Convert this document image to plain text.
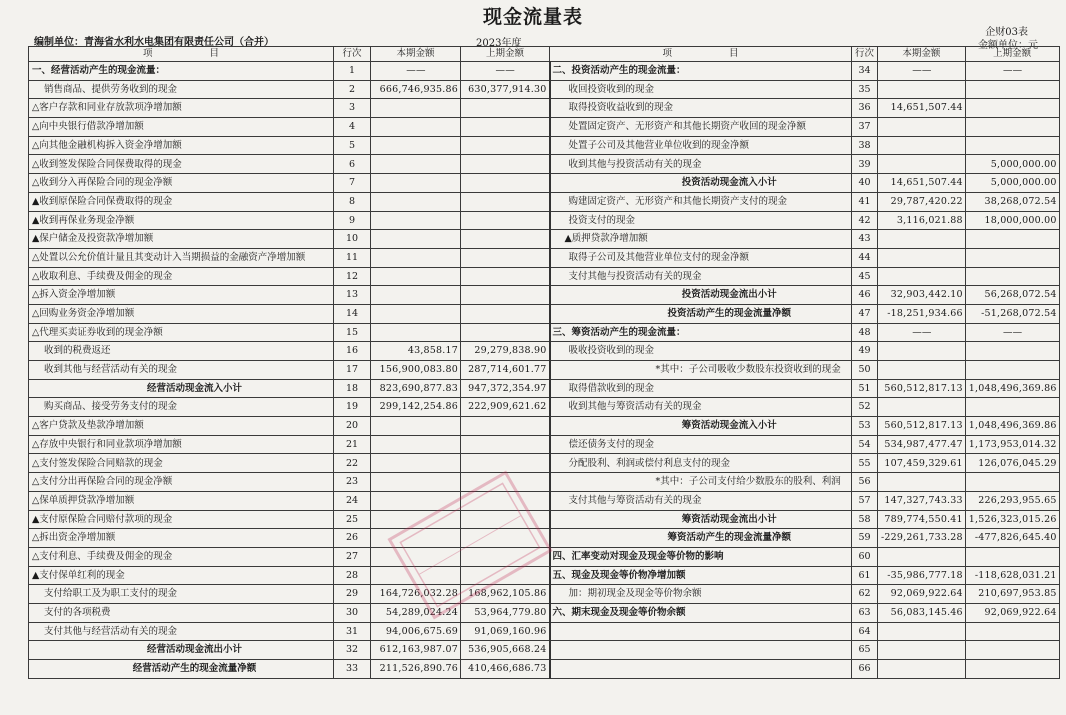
现金流量表
企财03表
金额单位：元
编制单位：青海省水利水电集团有限责任公司（合并）	2023年度
项　　　　　　目	行次	本期金额	上期金额	项　　　　　　目	行次	本期金额	上期金额
一、经营活动产生的现金流量：	1	——	——	二、投资活动产生的现金流量：	34	——	——
销售商品、提供劳务收到的现金	2	666,746,935.86	630,377,914.30	收回投资收到的现金	35		
△客户存款和同业存放款项净增加额	3			取得投资收益收到的现金	36	14,651,507.44	
△向中央银行借款净增加额	4			处置固定资产、无形资产和其他长期资产收回的现金净额	37		
△向其他金融机构拆入资金净增加额	5			处置子公司及其他营业单位收到的现金净额	38		
△收到签发保险合同保费取得的现金	6			收到其他与投资活动有关的现金	39		5,000,000.00
△收到分入再保险合同的现金净额	7			投资活动现金流入小计	40	14,651,507.44	5,000,000.00
▲收到原保险合同保费取得的现金	8			购建固定资产、无形资产和其他长期资产支付的现金	41	29,787,420.22	38,268,072.54
▲收到再保业务现金净额	9			投资支付的现金	42	3,116,021.88	18,000,000.00
▲保户储金及投资款净增加额	10			▲质押贷款净增加额	43		
△处置以公允价值计量且其变动计入当期损益的金融资产净增加额	11			取得子公司及其他营业单位支付的现金净额	44		
△收取利息、手续费及佣金的现金	12			支付其他与投资活动有关的现金	45		
△拆入资金净增加额	13			投资活动现金流出小计	46	32,903,442.10	56,268,072.54
△回购业务资金净增加额	14			投资活动产生的现金流量净额	47	-18,251,934.66	-51,268,072.54
△代理买卖证券收到的现金净额	15			三、筹资活动产生的现金流量：	48	——	——
收到的税费返还	16	43,858.17	29,279,838.90	吸收投资收到的现金	49		
收到其他与经营活动有关的现金	17	156,900,083.80	287,714,601.77	*其中：子公司吸收少数股东投资收到的现金	50		
经营活动现金流入小计	18	823,690,877.83	947,372,354.97	取得借款收到的现金	51	560,512,817.13	1,048,496,369.86
购买商品、接受劳务支付的现金	19	299,142,254.86	222,909,621.62	收到其他与筹资活动有关的现金	52		
△客户贷款及垫款净增加额	20			筹资活动现金流入小计	53	560,512,817.13	1,048,496,369.86
△存放中央银行和同业款项净增加额	21			偿还债务支付的现金	54	534,987,477.47	1,173,953,014.32
△支付签发保险合同赔款的现金	22			分配股利、利润或偿付利息支付的现金	55	107,459,329.61	126,076,045.29
△支付分出再保险合同的现金净额	23			*其中：子公司支付给少数股东的股利、利润	56		
△保单质押贷款净增加额	24			支付其他与筹资活动有关的现金	57	147,327,743.33	226,293,955.65
▲支付原保险合同赔付款项的现金	25			筹资活动现金流出小计	58	789,774,550.41	1,526,323,015.26
△拆出资金净增加额	26			筹资活动产生的现金流量净额	59	-229,261,733.28	-477,826,645.40
△支付利息、手续费及佣金的现金	27			四、汇率变动对现金及现金等价物的影响	60		
▲支付保单红利的现金	28			五、现金及现金等价物净增加额	61	-35,986,777.18	-118,628,031.21
支付给职工及为职工支付的现金	29	164,726,032.28	168,962,105.86	加：期初现金及现金等价物余额	62	92,069,922.64	210,697,953.85
支付的各项税费	30	54,289,024.24	53,964,779.80	六、期末现金及现金等价物余额	63	56,083,145.46	92,069,922.64
支付其他与经营活动有关的现金	31	94,006,675.69	91,069,160.96		64		
经营活动现金流出小计	32	612,163,987.07	536,905,668.24		65		
经营活动产生的现金流量净额	33	211,526,890.76	410,466,686.73		66		
